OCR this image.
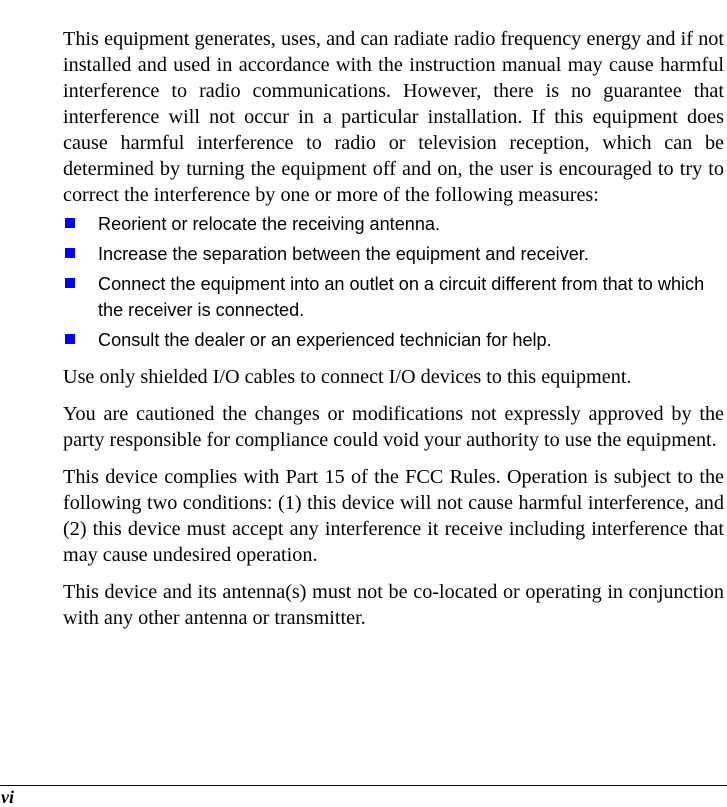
This equipment generates, uses, and can radiate radio frequency energy and if not installed and used in accordance with the instruction manual may cause harmful interference to radio communications. However, there is no guarantee that interference will not occur in a particular installation. If this equipment does cause harmful interference to radio or television reception, which can be determined by turning the equipment off and on, the user is encouraged to try to correct the interference by one or more of the following measures:

Reorient or relocate the receiving antenna.
Increase the separation between the equipment and receiver.
Connect the equipment into an outlet on a circuit different from that to which the receiver is connected.
Consult the dealer or an experienced technician for help.

Use only shielded I/O cables to connect I/O devices to this equipment.

You are cautioned the changes or modifications not expressly approved by the party responsible for compliance could void your authority to use the equipment.

This device complies with Part 15 of the FCC Rules. Operation is subject to the following two conditions: (1) this device will not cause harmful interference, and (2) this device must accept any interference it receive including interference that may cause undesired operation.

This device and its antenna(s) must not be co-located or operating in conjunction with any other antenna or transmitter.

vi
